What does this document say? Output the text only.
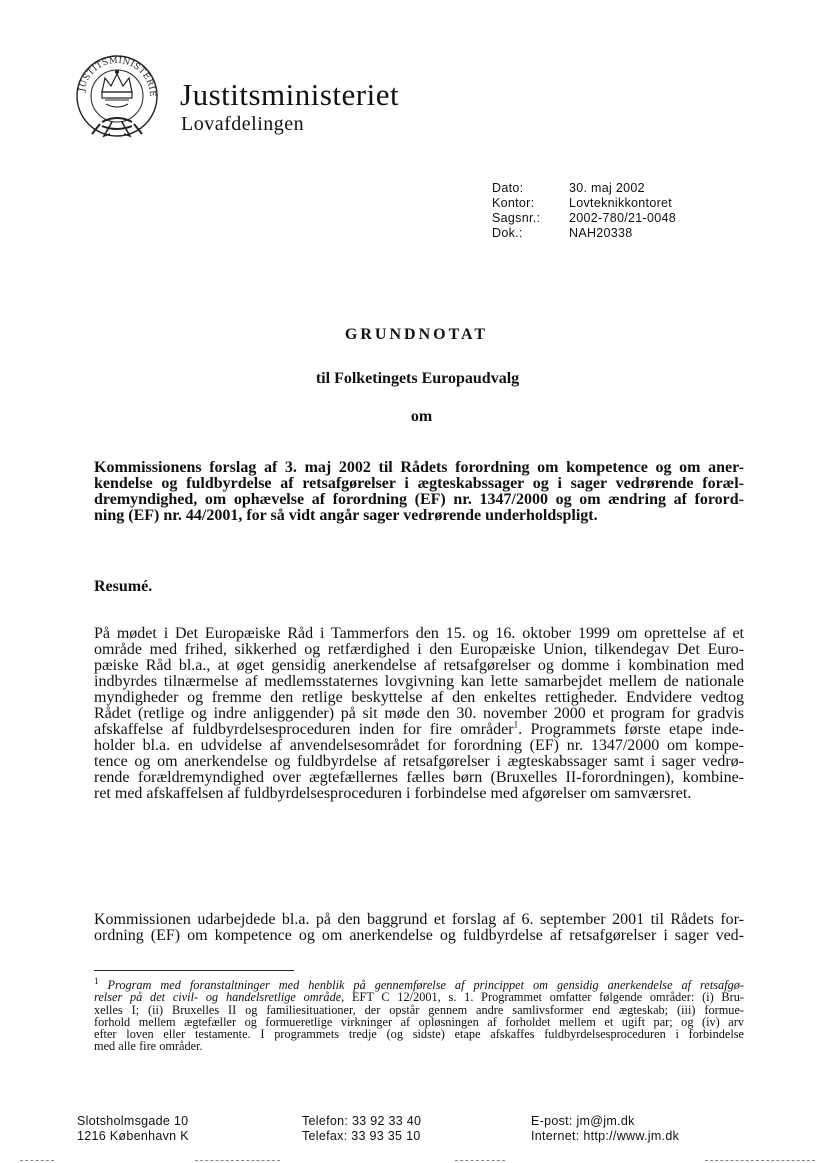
JUSTITSMINISTERIE Justitsministeriet
Lovafdelingen
Dato:	30. maj 2002
Kontor:	Lovteknikkontoret
Sagsnr.:	2002-780/21-0048
Dok.:	NAH20338
GRUNDNOTAT
til Folketingets Europaudvalg
om
Kommissionens forslag af 3. maj 2002 til Rådets forordning om kompetence og om aner-
kendelse og fuldbyrdelse af retsafgørelser i ægteskabssager og i sager vedrørende foræl-
dremyndighed, om ophævelse af forordning (EF) nr. 1347/2000 og om ændring af forord-
ning (EF) nr. 44/2001, for så vidt angår sager vedrørende underholdspligt.
Resumé.
På mødet i Det Europæiske Råd i Tammerfors den 15. og 16. oktober 1999 om oprettelse af et
område med frihed, sikkerhed og retfærdighed i den Europæiske Union, tilkendegav Det Euro-
pæiske Råd bl.a., at øget gensidig anerkendelse af retsafgørelser og domme i kombination med
indbyrdes tilnærmelse af medlemsstaternes lovgivning kan lette samarbejdet mellem de nationale
myndigheder og fremme den retlige beskyttelse af den enkeltes rettigheder. Endvidere vedtog
Rådet (retlige og indre anliggender) på sit møde den 30. november 2000 et program for gradvis
afskaffelse af fuldbyrdelsesproceduren inden for fire områder$^1$. Programmets første etape inde-
holder bl.a. en udvidelse af anvendelsesområdet for forordning (EF) nr. 1347/2000 om kompe-
tence og om anerkendelse og fuldbyrdelse af retsafgørelser i ægteskabssager samt i sager vedrø-
rende forældremyndighed over ægtefællernes fælles børn (Bruxelles II-forordningen), kombine-
ret med afskaffelsen af fuldbyrdelsesproceduren i forbindelse med afgørelser om samværsret.
Kommissionen udarbejdede bl.a. på den baggrund et forslag af 6. september 2001 til Rådets for-
ordning (EF) om kompetence og om anerkendelse og fuldbyrdelse af retsafgørelser i sager ved-
$^1$ Program med foranstaltninger med henblik på gennemførelse af princippet om gensidig anerkendelse af retsafgø-
relser på det civil- og handelsretlige område, EFT C 12/2001, s. 1. Programmet omfatter følgende områder: (i) Bru-
xelles I; (ii) Bruxelles II og familiesituationer, der opstår gennem andre samlivsformer end ægteskab; (iii) formue-
forhold mellem ægtefæller og formueretlige virkninger af opløsningen af forholdet mellem et ugift par; og (iv) arv
efter loven eller testamente. I programmets tredje (og sidste) etape afskaffes fuldbyrdelsesproceduren i forbindelse
med alle fire områder.
Slotsholmsgade 10
1216 København K
Telefon: 33 92 33 40
Telefax: 33 93 35 10
E-post: jm@jm.dk
Internet: http://www.jm.dk
